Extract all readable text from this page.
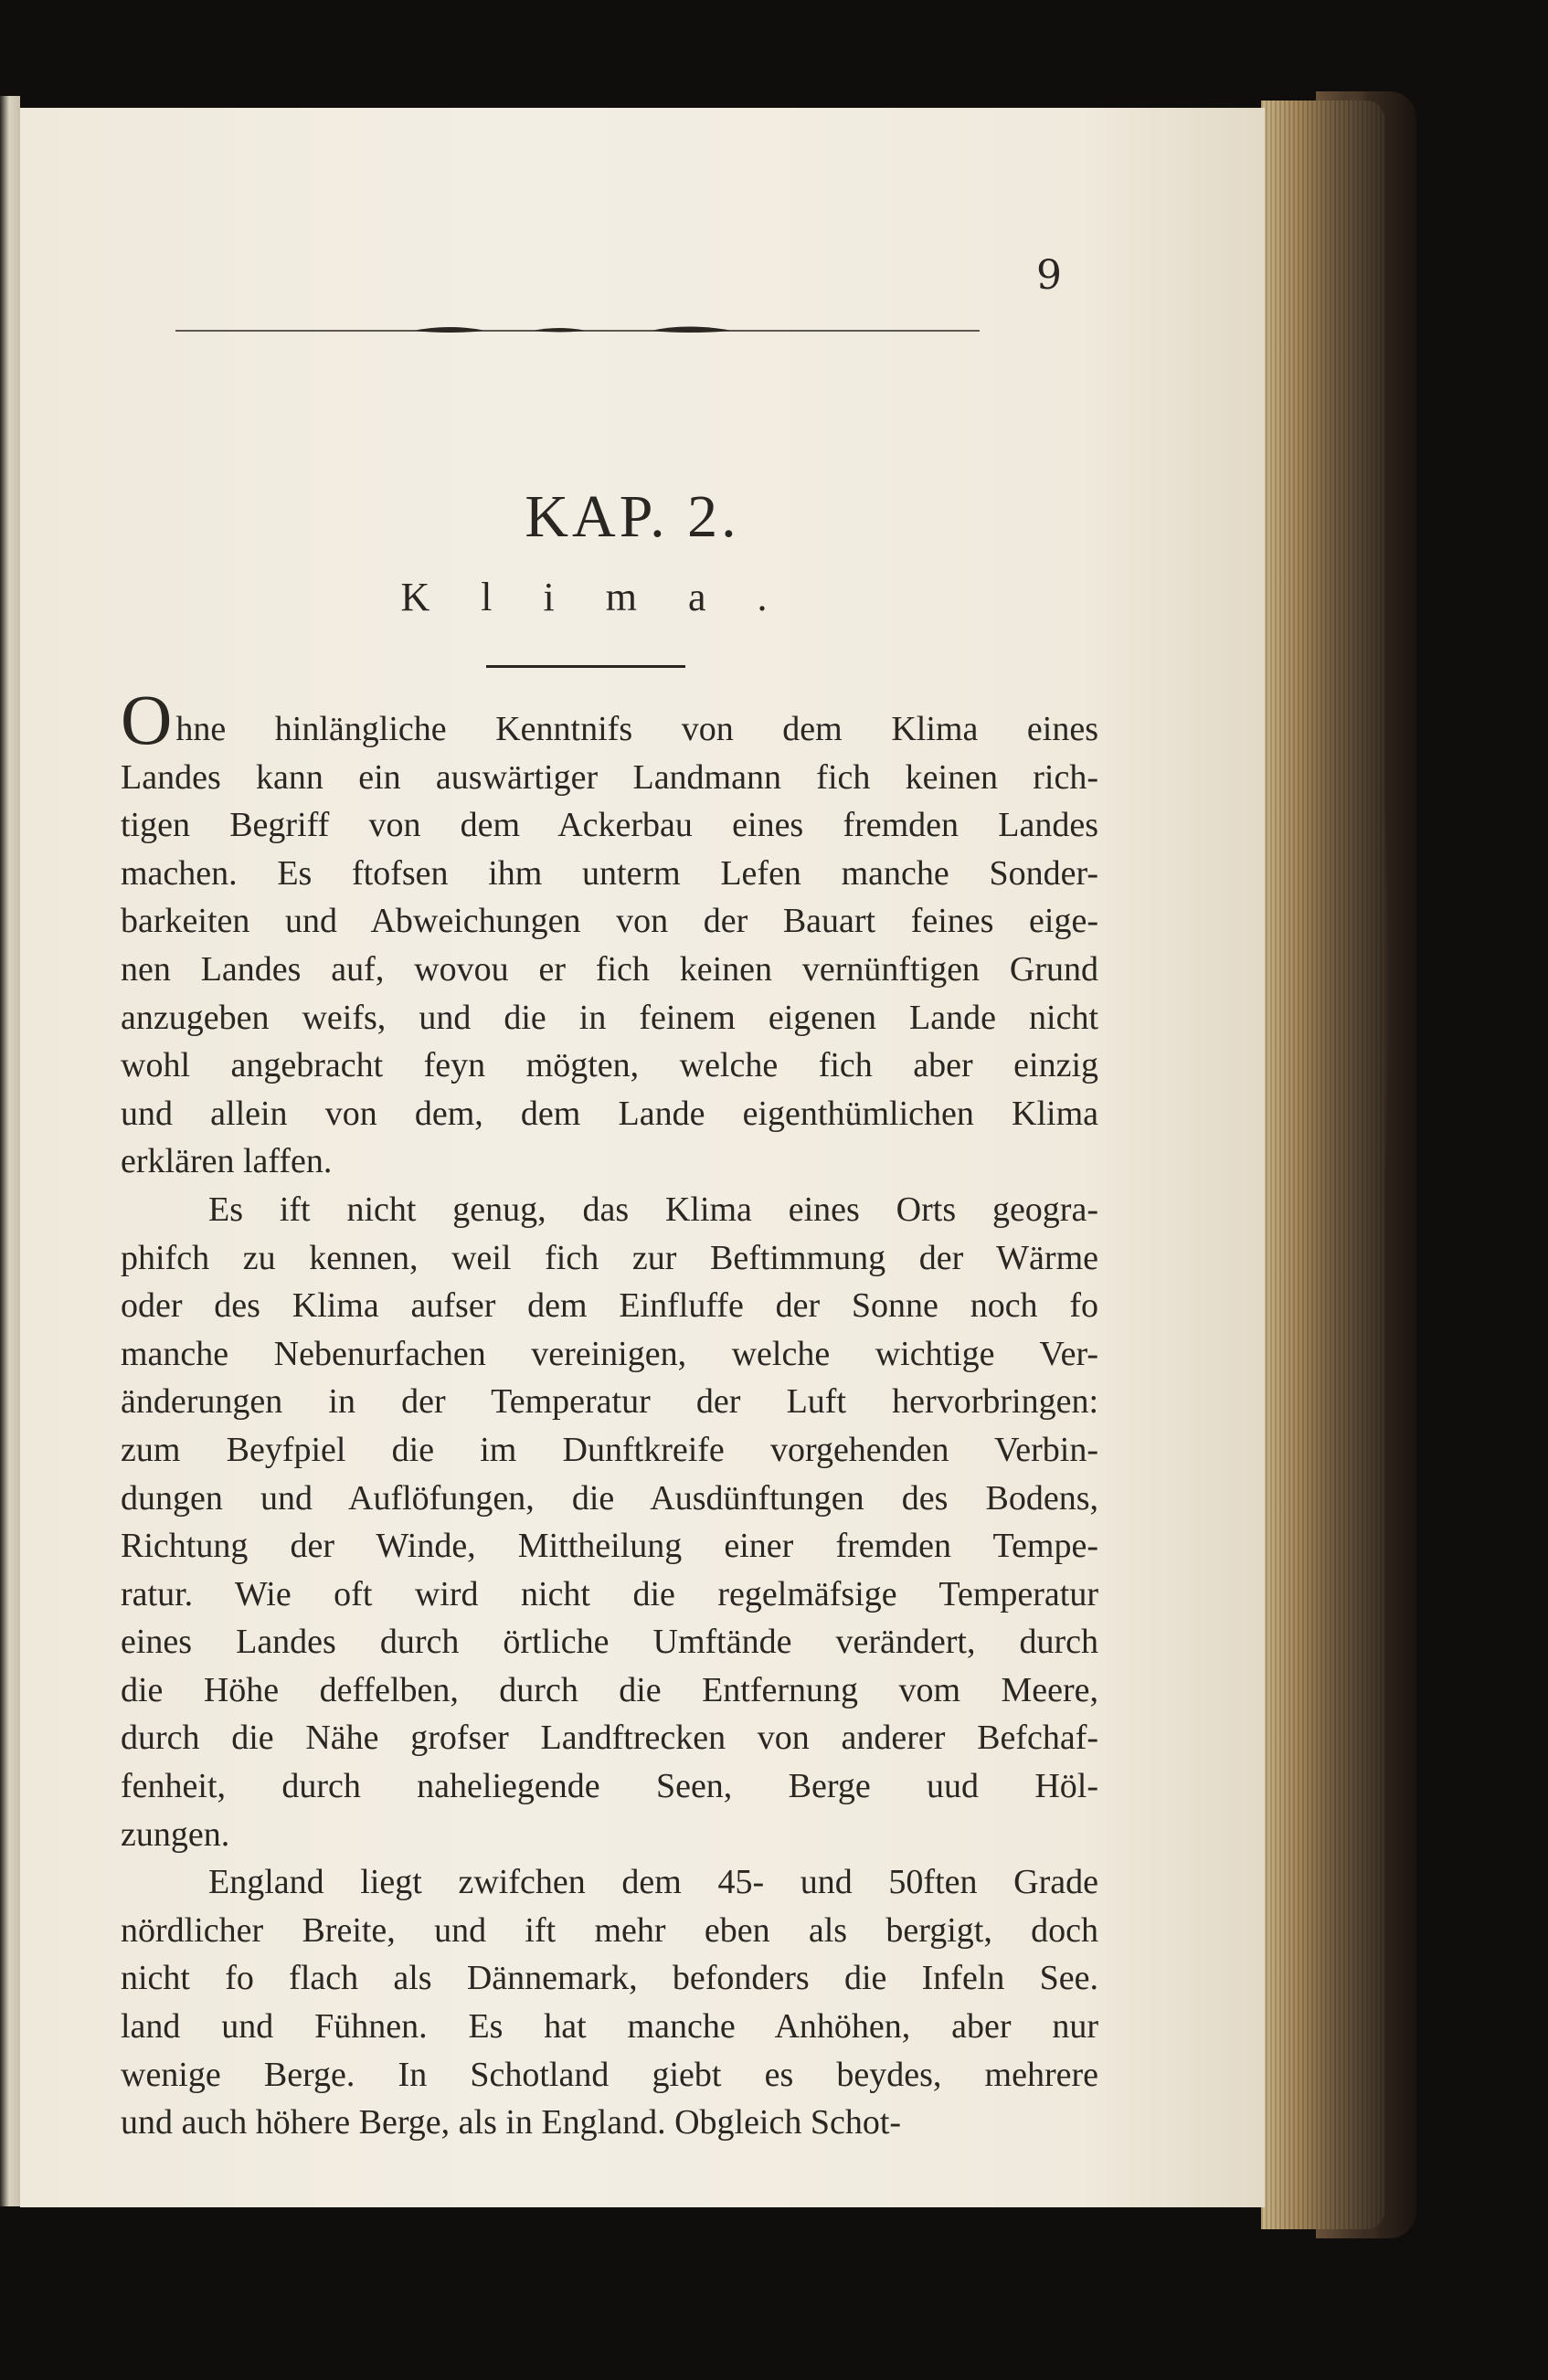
9
KAP. 2.
Klima.
Ohne hinlängliche Kenntnifs von dem Klima eines
Landes kann ein auswärtiger Landmann fich keinen rich-
tigen Begriff von dem Ackerbau eines fremden Landes
machen. Es ftofsen ihm unterm Lefen manche Sonder-
barkeiten und Abweichungen von der Bauart feines eige-
nen Landes auf, wovou er fich keinen vernünftigen Grund
anzugeben weifs, und die in feinem eigenen Lande nicht
wohl angebracht feyn mögten, welche fich aber einzig
und allein von dem, dem Lande eigenthümlichen Klima
erklären laffen.
Es ift nicht genug, das Klima eines Orts geogra-
phifch zu kennen, weil fich zur Beftimmung der Wärme
oder des Klima aufser dem Einfluffe der Sonne noch fo
manche Nebenurfachen vereinigen, welche wichtige Ver-
änderungen in der Temperatur der Luft hervorbringen:
zum Beyfpiel die im Dunftkreife vorgehenden Verbin-
dungen und Auflöfungen, die Ausdünftungen des Bodens,
Richtung der Winde, Mittheilung einer fremden Tempe-
ratur. Wie oft wird nicht die regelmäfsige Temperatur
eines Landes durch örtliche Umftände verändert, durch
die Höhe deffelben, durch die Entfernung vom Meere,
durch die Nähe grofser Landftrecken von anderer Befchaf-
fenheit, durch naheliegende Seen, Berge uud Höl-
zungen.
England liegt zwifchen dem 45- und 50ften Grade
nördlicher Breite, und ift mehr eben als bergigt, doch
nicht fo flach als Dännemark, befonders die Infeln See.
land und Fühnen. Es hat manche Anhöhen, aber nur
wenige Berge. In Schotland giebt es beydes, mehrere
und auch höhere Berge, als in England. Obgleich Schot-
